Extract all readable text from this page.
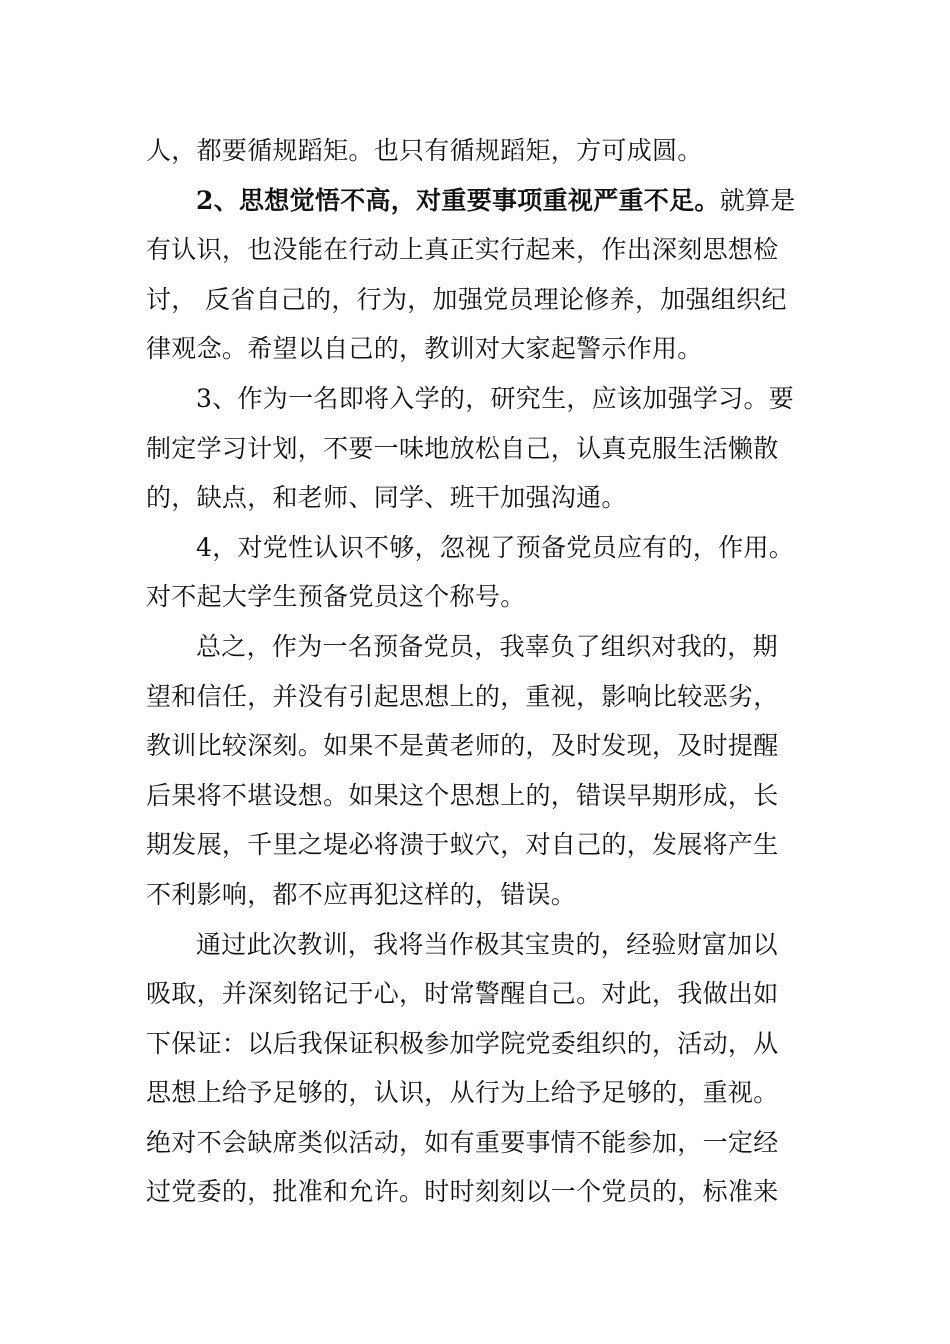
人，都要循规蹈矩。也只有循规蹈矩，方可成圆。
2、思想觉悟不高，对重要事项重视严重不足。就算是
有认识，也没能在行动上真正实行起来，作出深刻思想检
讨， 反省自己的，行为，加强党员理论修养，加强组织纪
律观念。希望以自己的，教训对大家起警示作用。
3、作为一名即将入学的，研究生，应该加强学习。要
制定学习计划，不要一味地放松自己，认真克服生活懒散
的，缺点，和老师、同学、班干加强沟通。
4，对党性认识不够，忽视了预备党员应有的，作用。
对不起大学生预备党员这个称号。
总之，作为一名预备党员，我辜负了组织对我的，期
望和信任，并没有引起思想上的，重视，影响比较恶劣，
教训比较深刻。如果不是黄老师的，及时发现，及时提醒
后果将不堪设想。如果这个思想上的，错误早期形成，长
期发展，千里之堤必将溃于蚁穴，对自己的，发展将产生
不利影响，都不应再犯这样的，错误。
通过此次教训，我将当作极其宝贵的，经验财富加以
吸取，并深刻铭记于心，时常警醒自己。对此，我做出如
下保证：以后我保证积极参加学院党委组织的，活动，从
思想上给予足够的，认识，从行为上给予足够的，重视。
绝对不会缺席类似活动，如有重要事情不能参加，一定经
过党委的，批准和允许。时时刻刻以一个党员的，标准来
